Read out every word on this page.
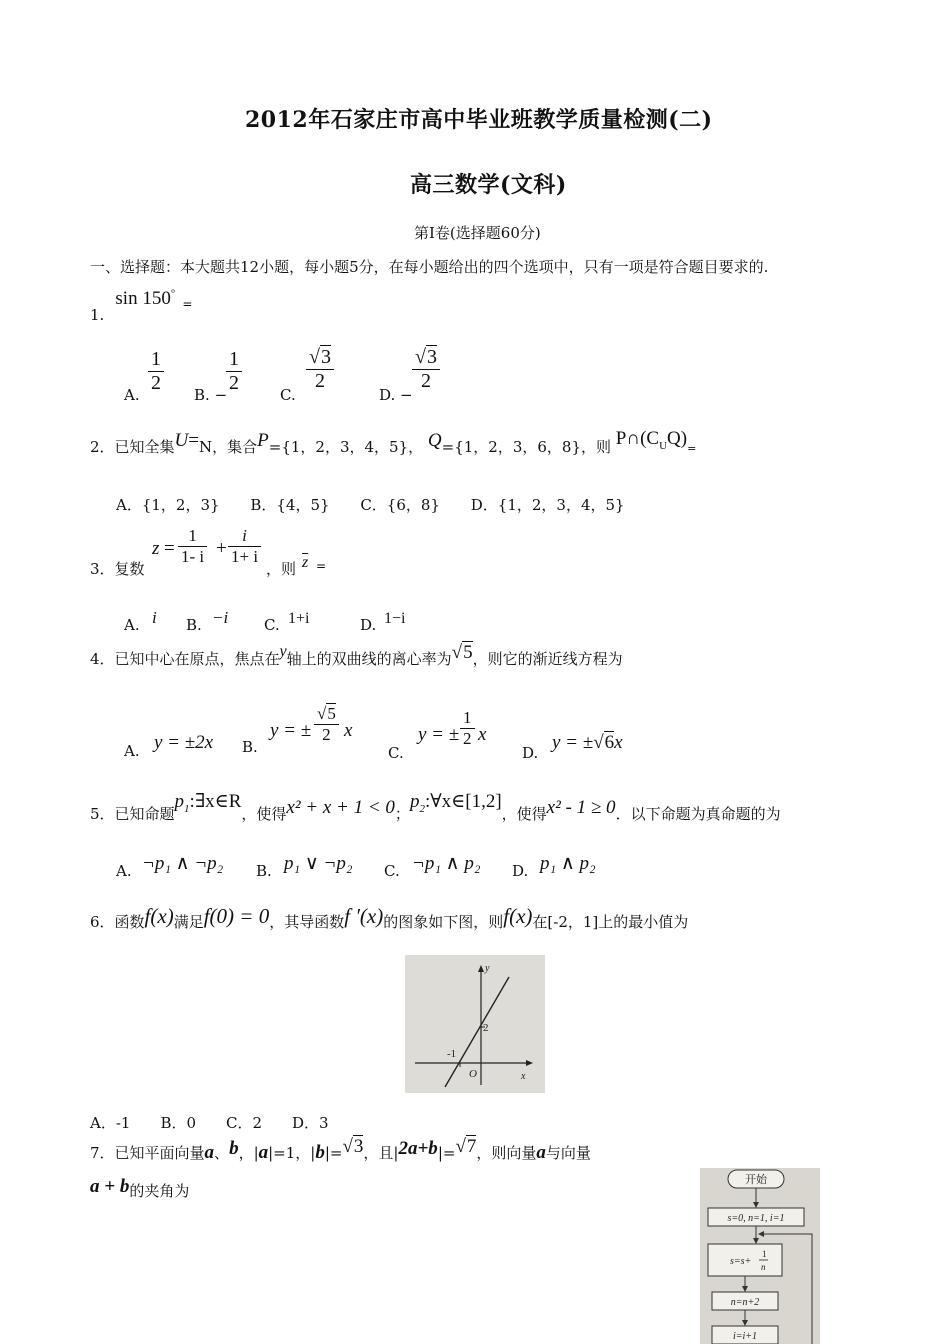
2012年石家庄市高中毕业班教学质量检测(二)
高三数学(文科)
第Ⅰ卷(选择题60分)
一、选择题：本大题共12小题，每小题5分，在每小题给出的四个选项中，只有一项是符合题目要求的.
1. sin 150° $_=$
A. $\frac{1}{2} B$. −
$\frac{1}{2}$	C.
$\frac{√3}{2}$
D. −
$\frac{√3}{2}$
2．已知全集U=N，集合P={1，2，3，4，5}， Q={1，2，3，6，8}，则 $P\cap(C_UQ)=$
A．{1，2，3} B．{4，5} C．{6，8} D．{1，2，3，4，5}
3．复数
$z = \frac{1}{1- i} + \frac{i}{1+ i}$
，则 $\overline{z}$ =
A. i B. −i C. 1+i	D. 1−i
4．已知中心在原点，焦点在y轴上的双曲线的离心率为√5，则它的渐近线方程为
A. y = ±2x B.
y = ± $\frac{√5}{2}$ x
C.
y = ± $\frac{1}{2}$ x
D. y = ±√6x
5．已知命题$p_1:\exists x\in R$，使得x² + x + 1 < 0；$p_2:\forall x\in[1,2]$，使得x² - 1 ≥ 0．以下命题为真命题的为
A. ¬p₁ ∧ ¬p₂ B. p₁ ∨ ¬p₂ C. ¬p₁ ∧ p₂ D. p₁ ∧ p₂
6．函数f(x)满足f(0) = 0，其导函数f ′(x)的图象如下图，则f(x)在[-2，1]上的最小值为
y
x
O
2
-1
A．-1　　B．0　　C．2　　D．3
7．已知平面向量a、b，|a|=1，|b|=√3，且|2a+b|=√7，则向量a与向量
a + b的夹角为
开始
s=0, n=1, i=1
s=s+
1
n
n=n+2
i=i+1
